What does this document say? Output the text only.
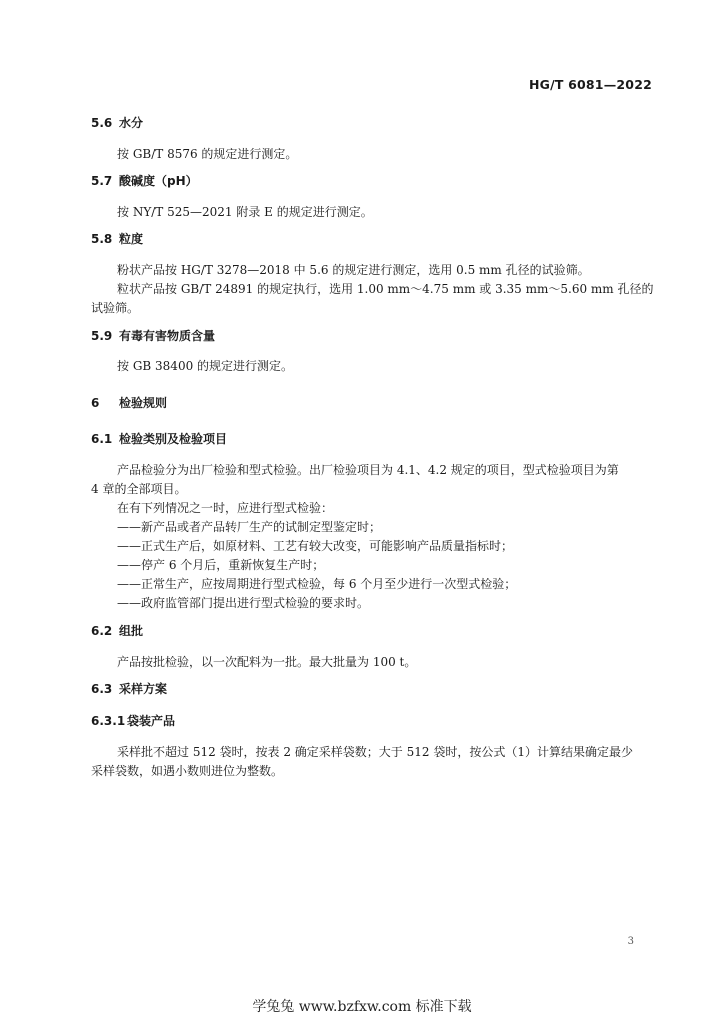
HG/T 6081—2022
5.6 水分
按 GB/T 8576 的规定进行测定。
5.7 酸碱度（pH）
按 NY/T 525—2021 附录 E 的规定进行测定。
5.8 粒度
粉状产品按 HG/T 3278—2018 中 5.6 的规定进行测定，选用 0.5 mm 孔径的试验筛。
粒状产品按 GB/T 24891 的规定执行，选用 1.00 mm～4.75 mm 或 3.35 mm～5.60 mm 孔径的
试验筛。
5.9 有毒有害物质含量
按 GB 38400 的规定进行测定。
6 检验规则
6.1 检验类别及检验项目
产品检验分为出厂检验和型式检验。出厂检验项目为 4.1、4.2 规定的项目，型式检验项目为第
4 章的全部项目。
在有下列情况之一时，应进行型式检验：
——新产品或者产品转厂生产的试制定型鉴定时；
——正式生产后，如原材料、工艺有较大改变，可能影响产品质量指标时；
——停产 6 个月后，重新恢复生产时；
——正常生产，应按周期进行型式检验，每 6 个月至少进行一次型式检验；
——政府监管部门提出进行型式检验的要求时。
6.2 组批
产品按批检验，以一次配料为一批。最大批量为 100 t。
6.3 采样方案
6.3.1 袋装产品
采样批不超过 512 袋时，按表 2 确定采样袋数；大于 512 袋时，按公式（1）计算结果确定最少
采样袋数，如遇小数则进位为整数。
3
学兔兔 www.bzfxw.com 标准下载
